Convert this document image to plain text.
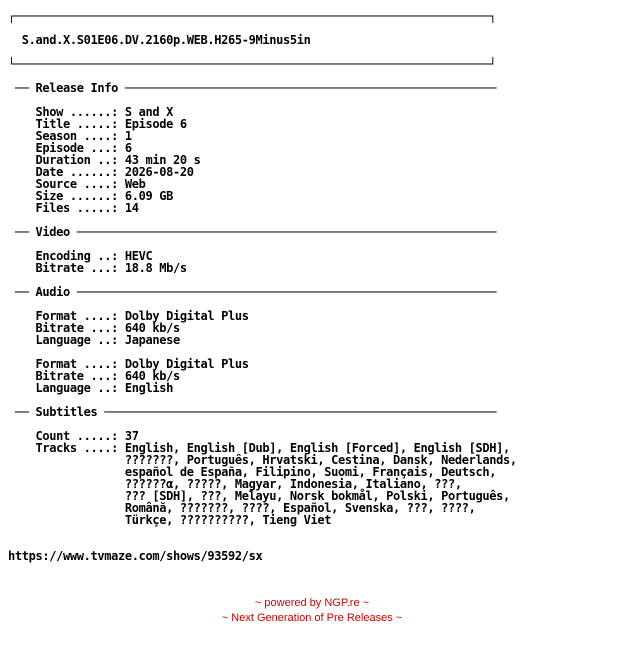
┌─────────────────────────────────────────────────────────────────────┐

S.and.X.S01E06.DV.2160p.WEB.H265-9Minus5in

└─────────────────────────────────────────────────────────────────────┘

── Release Info ──────────────────────────────────────────────────────

Show ......: S and X
Title .....: Episode 6
Season ....: 1
Episode ...: 6
Duration ..: 43 min 20 s
Date ......: 2026-08-20
Source ....: Web
Size ......: 6.09 GB
Files .....: 14

── Video ─────────────────────────────────────────────────────────────

Encoding ..: HEVC
Bitrate ...: 18.8 Mb/s

── Audio ─────────────────────────────────────────────────────────────

Format ....: Dolby Digital Plus
Bitrate ...: 640 kb/s
Language ..: Japanese

Format ....: Dolby Digital Plus
Bitrate ...: 640 kb/s
Language ..: English

── Subtitles ─────────────────────────────────────────────────────────

Count .....: 37
Tracks ....: English, English [Dub], English [Forced], English [SDH],
???????, Português, Hrvatski, Cestina, Dansk, Nederlands,
español de España, Filipino, Suomi, Français, Deutsch,
??????α, ?????, Magyar, Indonesia, Italiano, ???,
??? [SDH], ???, Melayu, Norsk bokmål, Polski, Português,
Română, ???????, ????, Español, Svenska, ???, ????,
Türkçe, ??????????, Tieng Viet

https://www.tvmaze.com/shows/93592/sx
~ powered by NGP.re ~
~ Next Generation of Pre Releases ~
